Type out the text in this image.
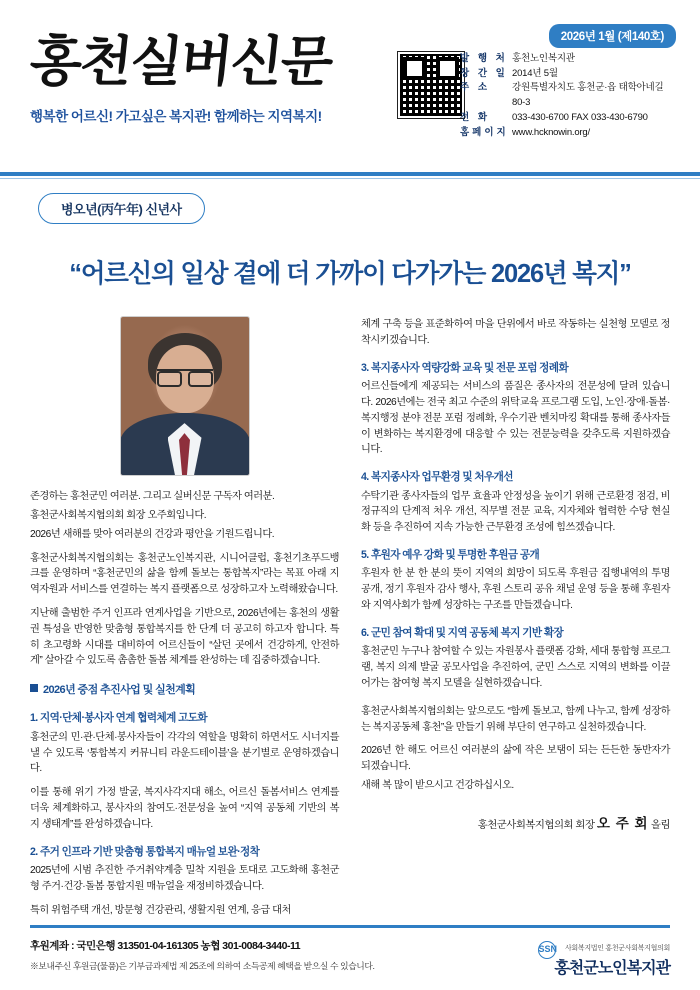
홍천실버신문
행복한 어르신! 가고싶은 복지관! 함께하는 지역복지!
2026년 1월 (제140호)
발 행 처 홍천노인복지관
창 간 일 2014년 5월
주 소	강원특별자치도 홍천군·읍 태학아네길 80-3
전 화	033-430-6700 FAX 033-430-6790
홈페이지 www.hcknowin.org/
병오년(丙午年) 신년사
“어르신의 일상 곁에 더 가까이 다가가는 2026년 복지”

존경하는 홍천군민 여러분. 그리고 실버신문 구독자 여러분.

홍천군사회복지협의회 회장 오주회입니다.

2026년 새해를 맞아 여러분의 건강과 평안을 기원드립니다.

홍천군사회복지협의회는 홍천군노인복지관, 시니어클럽, 홍천기초푸드뱅크를 운영하며 “홍천군민의 삶을 함께 돌보는 통합복지”라는 목표 아래 지역자원과 서비스를 연결하는 복지 플랫폼으로 성장하고자 노력해왔습니다.

지난해 출범한 주거 인프라 연계사업을 기반으로, 2026년에는 홍천의 생활권 특성을 반영한 맞춤형 통합복지를 한 단계 더 공고히 하고자 합니다. 특히 초고령화 시대를 대비하여 어르신들이 “살던 곳에서 건강하게, 안전하게” 살아갈 수 있도록 촘촘한 돌봄 체계를 완성하는 데 집중하겠습니다.

2026년 중점 추진사업 및 실천계획
1. 지역·단체·봉사자 연계 협력체계 고도화

홍천군의 민·관·단체·봉사자들이 각각의 역할을 명확히 하면서도 시너지를 낼 수 있도록 ‘통합복지 커뮤니티 라운드테이블’을 분기별로 운영하겠습니다.

이를 통해 위기 가정 발굴, 복지사각지대 해소, 어르신 돌봄서비스 연계를 더욱 체계화하고, 봉사자의 참여도·전문성을 높여 “지역 공동체 기반의 복지 생태계”를 완성하겠습니다.

2. 주거 인프라 기반 맞춤형 통합복지 매뉴얼 보완·정착

2025년에 시범 추진한 주거취약계층 밀착 지원을 토대로 고도화해 홍천군형 주거·건강·돌봄 통합지원 매뉴얼을 재정비하겠습니다.

특히 위험주택 개선, 방문형 건강관리, 생활지원 연계, 응급 대처

체계 구축 등을 표준화하여 마을 단위에서 바로 작동하는 실천형 모델로 정착시키겠습니다.

3. 복지종사자 역량강화 교육 및 전문 포럼 정례화

어르신들에게 제공되는 서비스의 품질은 종사자의 전문성에 달려 있습니다. 2026년에는 전국 최고 수준의 위탁교육 프로그램 도입, 노인·장애·돌봄·복지행정 분야 전문 포럼 정례화, 우수기관 벤치마킹 확대를 통해 종사자들이 변화하는 복지환경에 대응할 수 있는 전문능력을 갖추도록 지원하겠습니다.

4. 복지종사자 업무환경 및 처우개선

수탁기관 종사자들의 업무 효율과 안정성을 높이기 위해 근로환경 점검, 비정규직의 단계적 처우 개선, 직무별 전문 교육, 지자체와 협력한 수당 현실화 등을 추진하여 지속 가능한 근무환경 조성에 힘쓰겠습니다.

5. 후원자 예우 강화 및 투명한 후원금 공개

후원자 한 분 한 분의 뜻이 지역의 희망이 되도록 후원금 집행내역의 투명 공개, 정기 후원자 감사 행사, 후원 스토리 공유 채널 운영 등을 통해 후원자와 지역사회가 함께 성장하는 구조를 만들겠습니다.

6. 군민 참여 확대 및 지역 공동체 복지 기반 확장

홍천군민 누구나 참여할 수 있는 자원봉사 플랫폼 강화, 세대 통합형 프로그램, 복지 의제 발굴 공모사업을 추진하여, 군민 스스로 지역의 변화를 이끌어가는 참여형 복지 모델을 실현하겠습니다.

홍천군사회복지협의회는 앞으로도 “함께 돌보고, 함께 나누고, 함께 성장하는 복지공동체 홍천”을 만들기 위해 부단히 연구하고 실천하겠습니다.

2026년 한 해도 어르신 여러분의 삶에 작은 보탬이 되는 든든한 동반자가 되겠습니다.

새해 복 많이 받으시고 건강하십시오.

홍천군사회복지협의회 회장 오 주 회 올림
후원계좌 : 국민은행 313501-04-161305 농협 301-0084-3440-11
※보내주신 후원금(물품)은 기부금과제법 제 25조에 의하여 소득공제 혜택을 받으실 수 있습니다.
SSN 사회복지법인 홍천군사회복지협의회
홍천군노인복지관
